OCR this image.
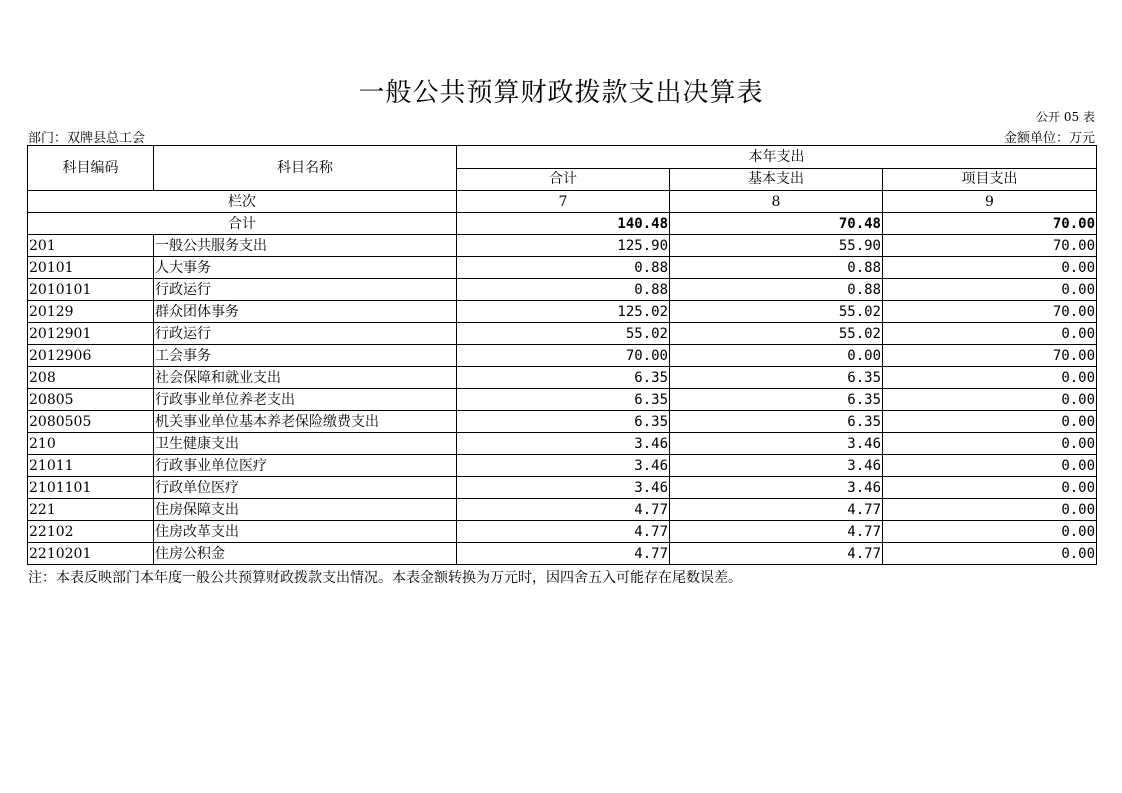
一般公共预算财政拨款支出决算表
公开 05 表
部门：双牌县总工会	金额单位：万元
科目编码	科目名称	本年支出		
		合计	基本支出	项目支出
栏次		7	8	9
合计		140.48	70.48	70.00
201	一般公共服务支出	125.90	55.90	70.00
20101	人大事务	0.88	0.88	0.00
2010101	行政运行	0.88	0.88	0.00
20129	群众团体事务	125.02	55.02	70.00
2012901	行政运行	55.02	55.02	0.00
2012906	工会事务	70.00	0.00	70.00
208	社会保障和就业支出	6.35	6.35	0.00
20805	行政事业单位养老支出	6.35	6.35	0.00
2080505	机关事业单位基本养老保险缴费支出	6.35	6.35	0.00
210	卫生健康支出	3.46	3.46	0.00
21011	行政事业单位医疗	3.46	3.46	0.00
2101101	行政单位医疗	3.46	3.46	0.00
221	住房保障支出	4.77	4.77	0.00
22102	住房改革支出	4.77	4.77	0.00
2210201	住房公积金	4.77	4.77	0.00
注：本表反映部门本年度一般公共预算财政拨款支出情况。本表金额转换为万元时，因四舍五入可能存在尾数误差。
